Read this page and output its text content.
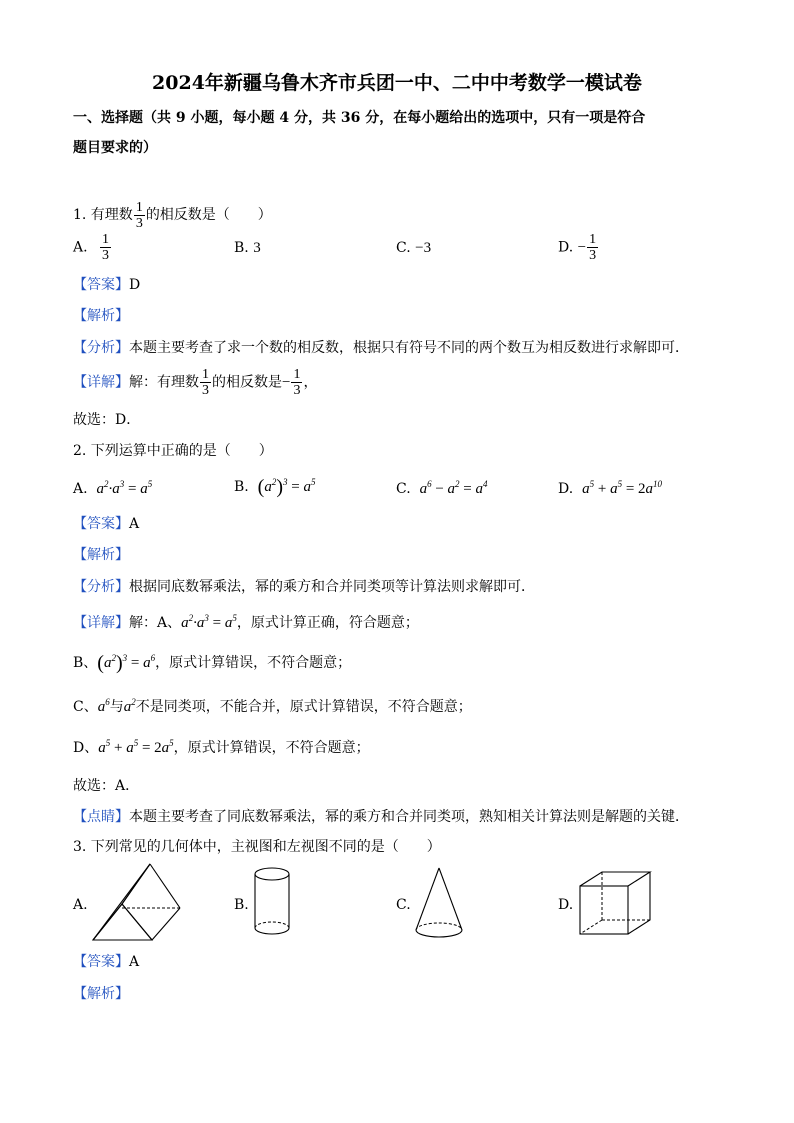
2024年新疆乌鲁木齐市兵团一中、二中中考数学一模试卷
一、选择题（共 9 小题，每小题 4 分，共 36 分，在每小题给出的选项中，只有一项是符合
题目要求的）
1. 有理数 $\frac{1}{3}$ 的相反数是（　　）
A. $\frac{1}{3}$	B. 3	C. −3	D. − $\frac{1}{3}$
【答案】D
【解析】
【分析】本题主要考查了求一个数的相反数，根据只有符号不同的两个数互为相反数进行求解即可．
【详解】解：有理数 $\frac{1}{3}$ 的相反数是− $\frac{1}{3}$ ，
故选：D．
2. 下列运算中正确的是（　　）
A. $a^2\cdot a^3 = a^5$	B. $(a^2)^3 = a^5$	C. $a^6 - a^2 = a^4$	D. $a^5 + a^5 = 2a^{10}$
【答案】A
【解析】
【分析】根据同底数幂乘法，幂的乘方和合并同类项等计算法则求解即可．
【详解】解：A、$a^2\cdot a^3 = a^5$，原式计算正确，符合题意；
B、$(a^2)^3 = a^6$，原式计算错误，不符合题意；
C、$a^6$与$a^2$不是同类项，不能合并，原式计算错误，不符合题意；
D、$a^5 + a^5 = 2a^5$，原式计算错误，不符合题意；
故选：A．
【点睛】本题主要考查了同底数幂乘法，幂的乘方和合并同类项，熟知相关计算法则是解题的关键．
3. 下列常见的几何体中，主视图和左视图不同的是（　　）
A.	B.	C.	D.
【答案】A
【解析】
